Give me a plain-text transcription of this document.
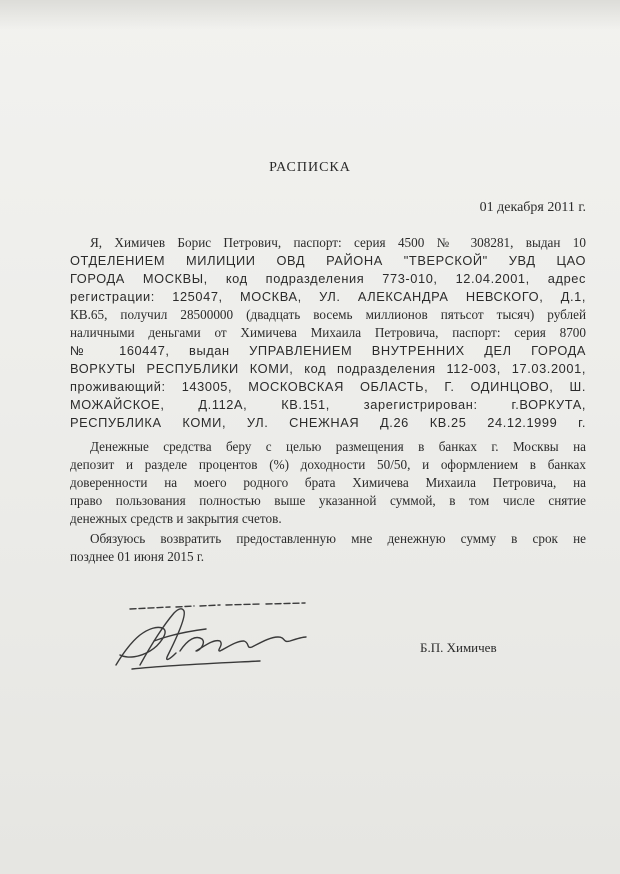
РАСПИСКА
01 декабря 2011 г.
Я, Химичев Борис Петрович, паспорт: серия 4500 № 308281, выдан 10
ОТДЕЛЕНИЕМ МИЛИЦИИ ОВД РАЙОНА "ТВЕРСКОЙ" УВД ЦАО
ГОРОДА МОСКВЫ, код подразделения 773-010, 12.04.2001, адрес
регистрации: 125047, МОСКВА, УЛ. АЛЕКСАНДРА НЕВСКОГО, Д.1,
КВ.65, получил 28500000 (двадцать восемь миллионов пятьсот тысяч) рублей
наличными деньгами от Химичева Михаила Петровича, паспорт: серия 8700
№ 160447, выдан УПРАВЛЕНИЕМ ВНУТРЕННИХ ДЕЛ ГОРОДА
ВОРКУТЫ РЕСПУБЛИКИ КОМИ, код подразделения 112-003, 17.03.2001,
проживающий: 143005, МОСКОВСКАЯ ОБЛАСТЬ, Г. ОДИНЦОВО, Ш.
МОЖАЙСКОЕ, Д.112А, КВ.151, зарегистрирован: г.ВОРКУТА,
РЕСПУБЛИКА КОМИ, УЛ. СНЕЖНАЯ Д.26 КВ.25 24.12.1999 г.
Денежные средства беру с целью размещения в банках г. Москвы на
депозит и разделе процентов (%) доходности 50/50, и оформлением в банках
доверенности на моего родного брата Химичева Михаила Петровича, на
право пользования полностью выше указанной суммой, в том числе снятие
денежных средств и закрытия счетов.
Обязуюсь возвратить предоставленную мне денежную сумму в срок не
позднее 01 июня 2015 г.
Б.П. Химичев
